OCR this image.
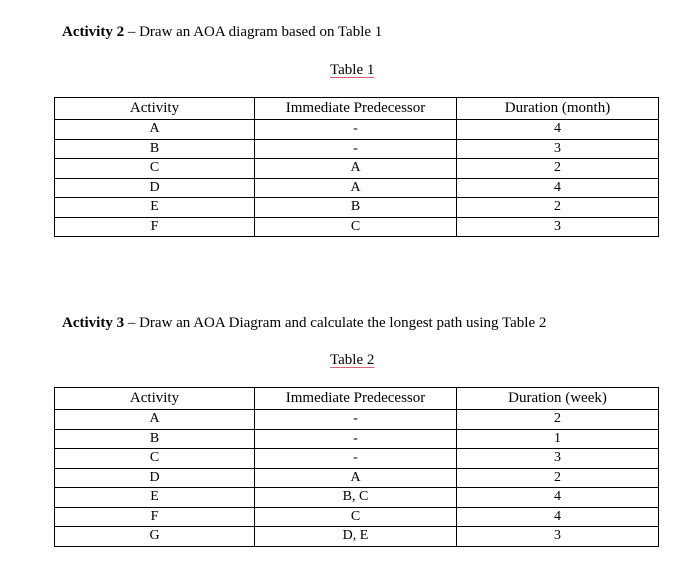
Activity 2 – Draw an AOA diagram based on Table 1
Table 1
Activity	Immediate Predecessor	Duration (month)
A	-	4
B	-	3
C	A	2
D	A	4
E	B	2
F	C	3
Activity 3 – Draw an AOA Diagram and calculate the longest path using Table 2
Table 2
Activity	Immediate Predecessor	Duration (week)
A	-	2
B	-	1
C	-	3
D	A	2
E	B, C	4
F	C	4
G	D, E	3
